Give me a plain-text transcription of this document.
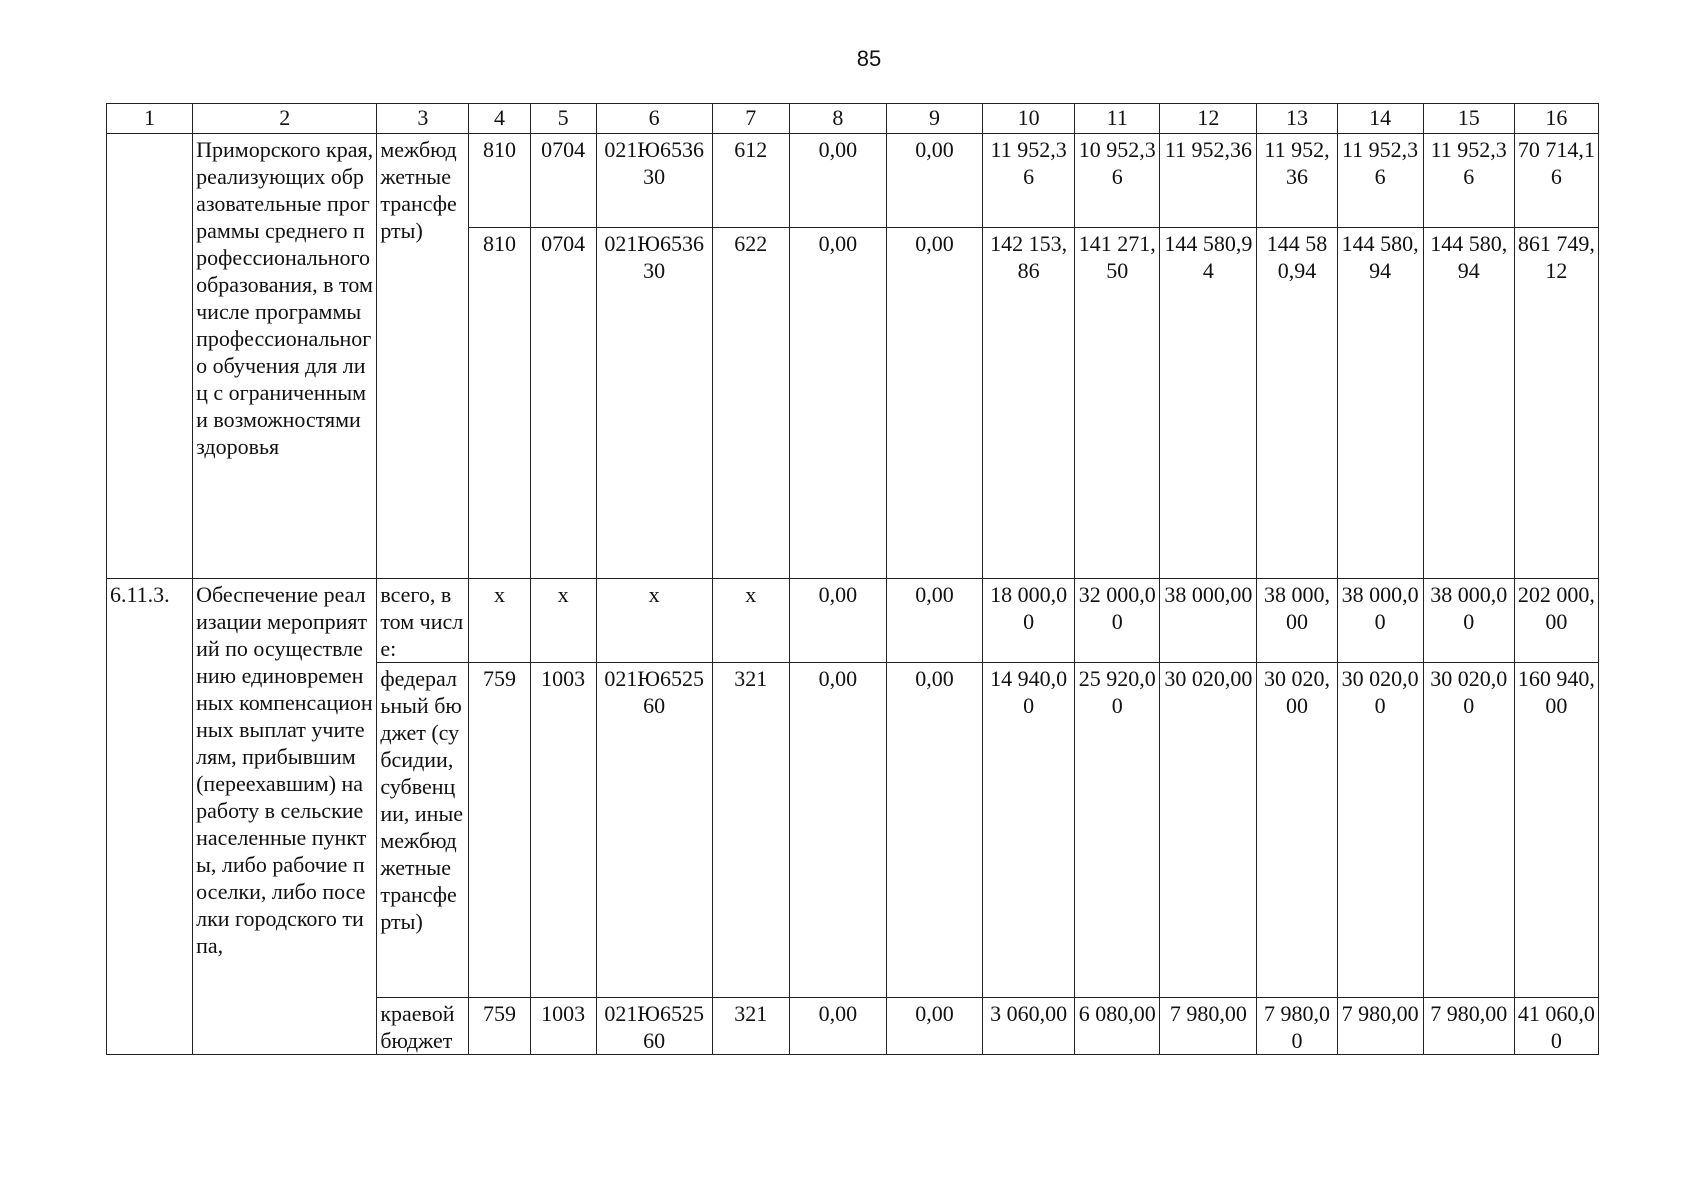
85
1	2	3	4	5	6	7	8	9	10	11	12	13	14	15	16
	Приморского края, реализующих образовательные программы среднего профессионального образования, в том числе программы профессионального обучения для лиц с ограниченными возможностями здоровья	межбюджетные трансферты)	810	0704	021Ю653630	612	0,00	0,00	11 952,36	10 952,36	11 952,36	11 952,36	11 952,36	11 952,36	70 714,16
			810	0704	021Ю653630	622	0,00	0,00	142 153,86	141 271,50	144 580,94	144 580,94	144 580,94	144 580,94	861 749,12
6.11.3.	Обеспечение реализации мероприятий по осуществлению единовременных компенсационных выплат учителям, прибывшим (переехавшим) на работу в сельские населенные пункты, либо рабочие поселки, либо поселки городского типа,	всего, в том числе:	x	x	x	x	0,00	0,00	18 000,00	32 000,00	38 000,00	38 000,00	38 000,00	38 000,00	202 000,00
		федеральный бюджет (субсидии, субвенции, иные межбюджетные трансферты)	759	1003	021Ю652560	321	0,00	0,00	14 940,00	25 920,00	30 020,00	30 020,00	30 020,00	30 020,00	160 940,00
		краевой бюджет	759	1003	021Ю652560	321	0,00	0,00	3 060,00	6 080,00	7 980,00	7 980,00	7 980,00	7 980,00	41 060,00
